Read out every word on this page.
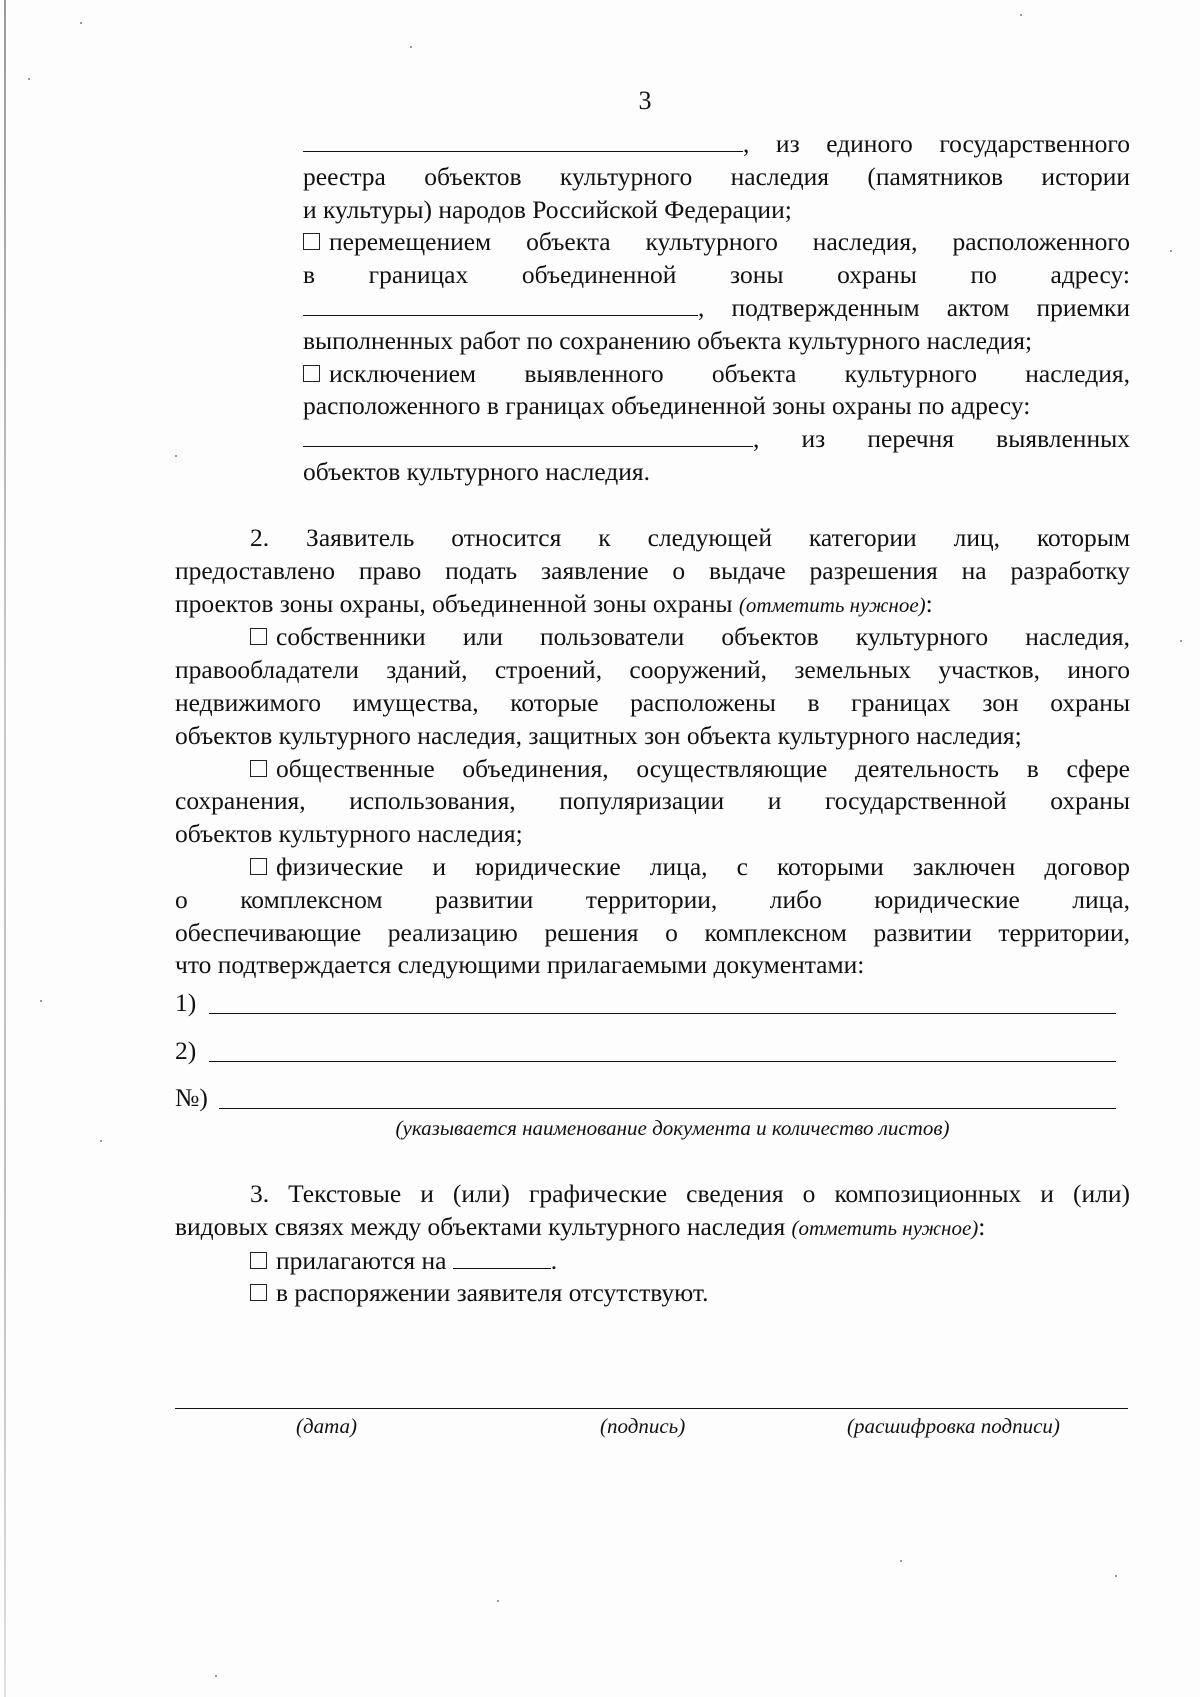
3
, из единого государственного
реестра объектов культурного наследия (памятников истории
и культуры) народов Российской Федерации;
перемещением объекта культурного наследия, расположенного
в границах объединенной зоны охраны по адресу:
, подтвержденным актом приемки
выполненных работ по сохранению объекта культурного наследия;
исключением выявленного объекта культурного наследия,
расположенного в границах объединенной зоны охраны по адресу:
, из перечня выявленных
объектов культурного наследия.
2. Заявитель относится к следующей категории лиц, которым
предоставлено право подать заявление о выдаче разрешения на разработку
проектов зоны охраны, объединенной зоны охраны (отметить нужное):
собственники или пользователи объектов культурного наследия,
правообладатели зданий, строений, сооружений, земельных участков, иного
недвижимого имущества, которые расположены в границах зон охраны
объектов культурного наследия, защитных зон объекта культурного наследия;
общественные объединения, осуществляющие деятельность в сфере
сохранения, использования, популяризации и государственной охраны
объектов культурного наследия;
физические и юридические лица, с которыми заключен договор
о комплексном развитии территории, либо юридические лица,
обеспечивающие реализацию решения о комплексном развитии территории,
что подтверждается следующими прилагаемыми документами:
1)
2)
№)
(указывается наименование документа и количество листов)
3. Текстовые и (или) графические сведения о композиционных и (или)
видовых связях между объектами культурного наследия (отметить нужное):
прилагаются на	.
в распоряжении заявителя отсутствуют.
(дата)	(подпись)	(расшифровка подписи)
